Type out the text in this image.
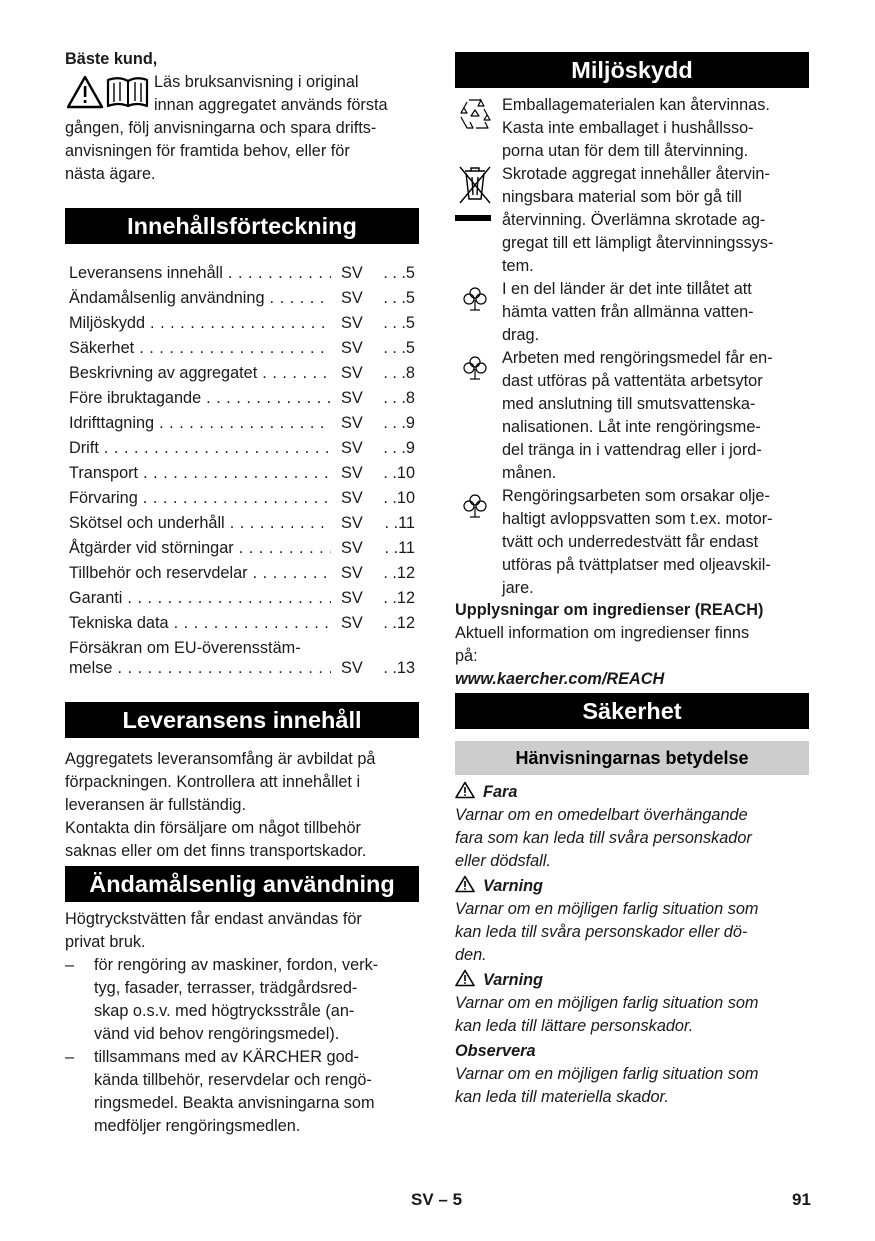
Bäste kund,
Läs bruksanvisning i original
innan aggregatet används första
gången, följ anvisningarna och spara drifts-
anvisningen för framtida behov, eller för
nästa ägare.
Innehållsförteckning
Leveransens innehåll . . .	SV . . .5
Ändamålsenlig användning . . .	SV . . .5
Miljöskydd . . .	SV . . .5
Säkerhet . . .	SV . . .5
Beskrivning av aggregatet . . .	SV . . .8
Före ibruktagande . . .	SV . . .8
Idrifttagning . . .	SV . . .9
Drift . . .	SV . . .9
Transport . . .	SV . .10
Förvaring . . .	SV . .10
Skötsel och underhåll . . .	SV . .11
Åtgärder vid störningar . . .	SV . .11
Tillbehör och reservdelar . . .	SV . .12
Garanti . . .	SV . .12
Tekniska data . . .	SV . .12
Försäkran om EU-överensstäm-
melse . . .	SV . .13
Leveransens innehåll
Aggregatets leveransomfång är avbildat på
förpackningen. Kontrollera att innehållet i
leveransen är fullständig.
Kontakta din försäljare om något tillbehör
saknas eller om det finns transportskador.
Ändamålsenlig användning
Högtryckstvätten får endast användas för
privat bruk.
– för rengöring av maskiner, fordon, verk-
tyg, fasader, terrasser, trädgårdsred-
skap o.s.v. med högtrycksstråle (an-
vänd vid behov rengöringsmedel).
– tillsammans med av KÄRCHER god-
kända tillbehör, reservdelar och rengö-
ringsmedel. Beakta anvisningarna som
medföljer rengöringsmedlen.
Miljöskydd
Emballagematerialen kan återvinnas.
Kasta inte emballaget i hushållsso-
porna utan för dem till återvinning.
Skrotade aggregat innehåller återvin-
ningsbara material som bör gå till
återvinning. Överlämna skrotade ag-
gregat till ett lämpligt återvinningssys-
tem.
I en del länder är det inte tillåtet att
hämta vatten från allmänna vatten-
drag.
Arbeten med rengöringsmedel får en-
dast utföras på vattentäta arbetsytor
med anslutning till smutsvattenska-
nalisationen. Låt inte rengöringsme-
del tränga in i vattendrag eller i jord-
månen.
Rengöringsarbeten som orsakar olje-
haltigt avloppsvatten som t.ex. motor-
tvätt och underredestvätt får endast
utföras på tvättplatser med oljeavskil-
jare.
Upplysningar om ingredienser (REACH)
Aktuell information om ingredienser finns
på:
www.kaercher.com/REACH
Säkerhet
Hänvisningarnas betydelse
Fara
Varnar om en omedelbart överhängande
fara som kan leda till svåra personskador
eller dödsfall.
Varning
Varnar om en möjligen farlig situation som
kan leda till svåra personskador eller dö-
den.
Varning
Varnar om en möjligen farlig situation som
kan leda till lättare personskador.
Observera
Varnar om en möjligen farlig situation som
kan leda till materiella skador.
SV – 5	91
